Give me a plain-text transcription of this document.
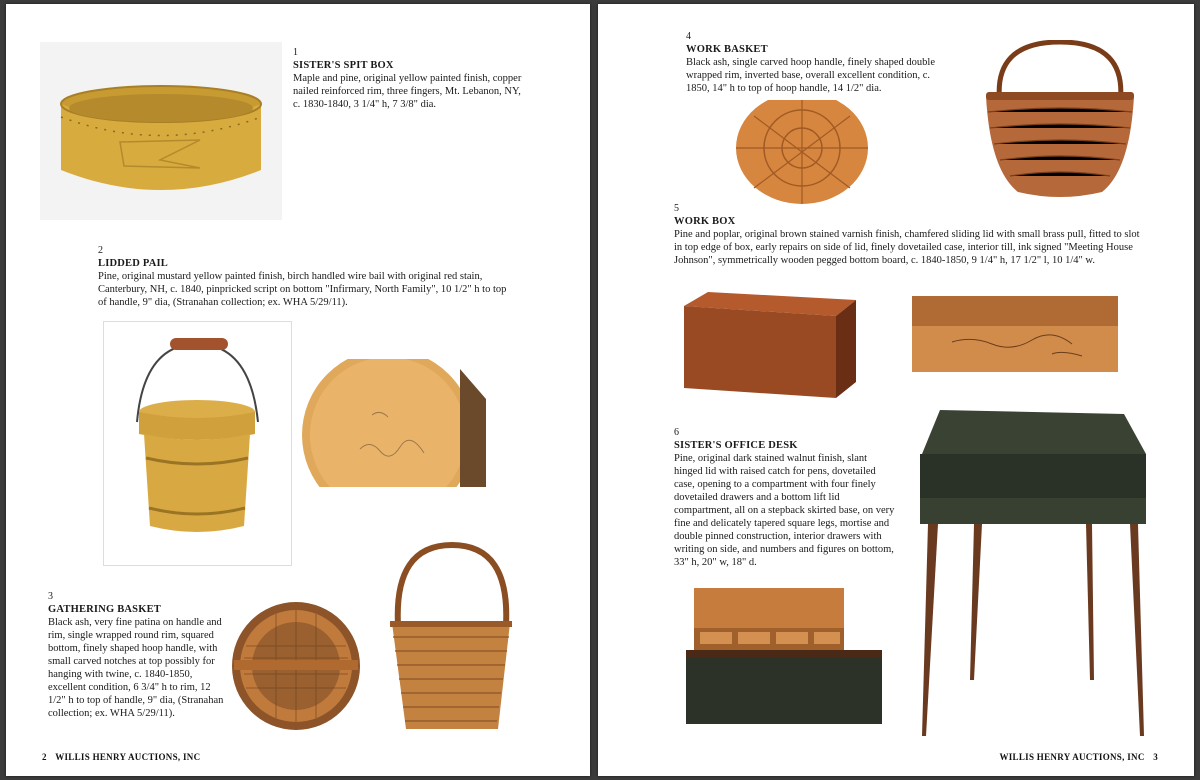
1
SISTER'S SPIT BOX
Maple and pine, original yellow painted finish, copper nailed reinforced rim, three fingers, Mt. Lebanon, NY, c. 1830-1840, 3 1/4" h, 7 3/8" dia.
2
LIDDED PAIL
Pine, original mustard yellow painted finish, birch handled wire bail with original red stain, Canterbury, NH, c. 1840, pinpricked script on bottom "Infirmary, North Family", 10 1/2" h to top of handle, 9" dia, (Stranahan collection; ex. WHA 5/29/11).
3
GATHERING BASKET
Black ash, very fine patina on handle and rim, single wrapped round rim, squared bottom, finely shaped hoop handle, with small carved notches at top possibly for hanging with twine, c. 1840-1850, excellent condition, 6 3/4" h to rim, 12 1/2" h to top of handle, 9" dia, (Stranahan collection; ex. WHA 5/29/11).
2 WILLIS HENRY AUCTIONS, INC
4
WORK BASKET
Black ash, single carved hoop handle, finely shaped double wrapped rim, inverted base, overall excellent condition, c. 1850, 14" h to top of hoop handle, 14 1/2" dia.
5
WORK BOX
Pine and poplar, original brown stained varnish finish, chamfered sliding lid with small brass pull, fitted to slot in top edge of box, early repairs on side of lid, finely dovetailed case, interior till, ink signed "Meeting House Johnson", symmetrically wooden pegged bottom board, c. 1840-1850, 9 1/4" h, 17 1/2" l, 10 1/4" w.
6
SISTER'S OFFICE DESK
Pine, original dark stained walnut finish, slant hinged lid with raised catch for pens, dovetailed case, opening to a compartment with four finely dovetailed drawers and a bottom lift lid compartment, all on a stepback skirted base, on very fine and delicately tapered square legs, mortise and double pinned construction, interior drawers with writing on side, and numbers and figures on bottom, 33" h, 20" w, 18" d.
WILLIS HENRY AUCTIONS, INC 3
